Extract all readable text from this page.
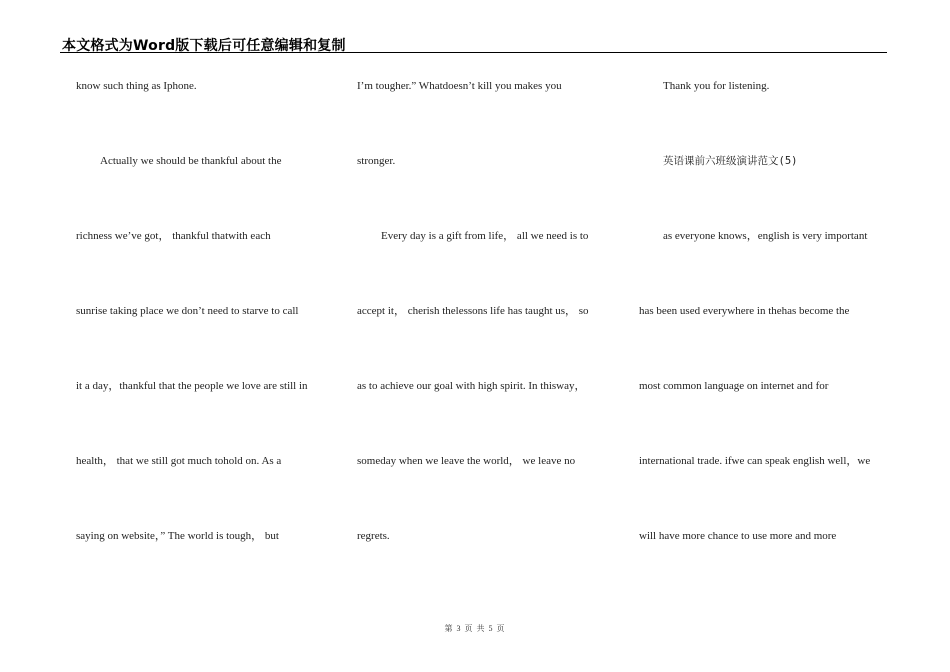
本文格式为Word版下载后可任意编辑和复制
know such thing as Iphone.
Actually we should be thankful about the
richness we’ve got， thankful thatwith each
sunrise taking place we don’t need to starve to call
it a day，thankful that the people we love are still in
health， that we still got much tohold on. As a
saying on website，” The world is tough， but
I’m tougher.” Whatdoesn’t kill you makes you
stronger.
Every day is a gift from life， all we need is to
accept it， cherish thelessons life has taught us， so
as to achieve our goal with high spirit. In thisway，
someday when we leave the world， we leave no
regrets.
Thank you for listening.
英语课前六班级演讲范文(5)
as everyone knows，english is very important
has been used everywhere in thehas become the
most common language on internet and for
international trade. ifwe can speak english well，we
will have more chance to use more and more
第 3 页 共 5 页
